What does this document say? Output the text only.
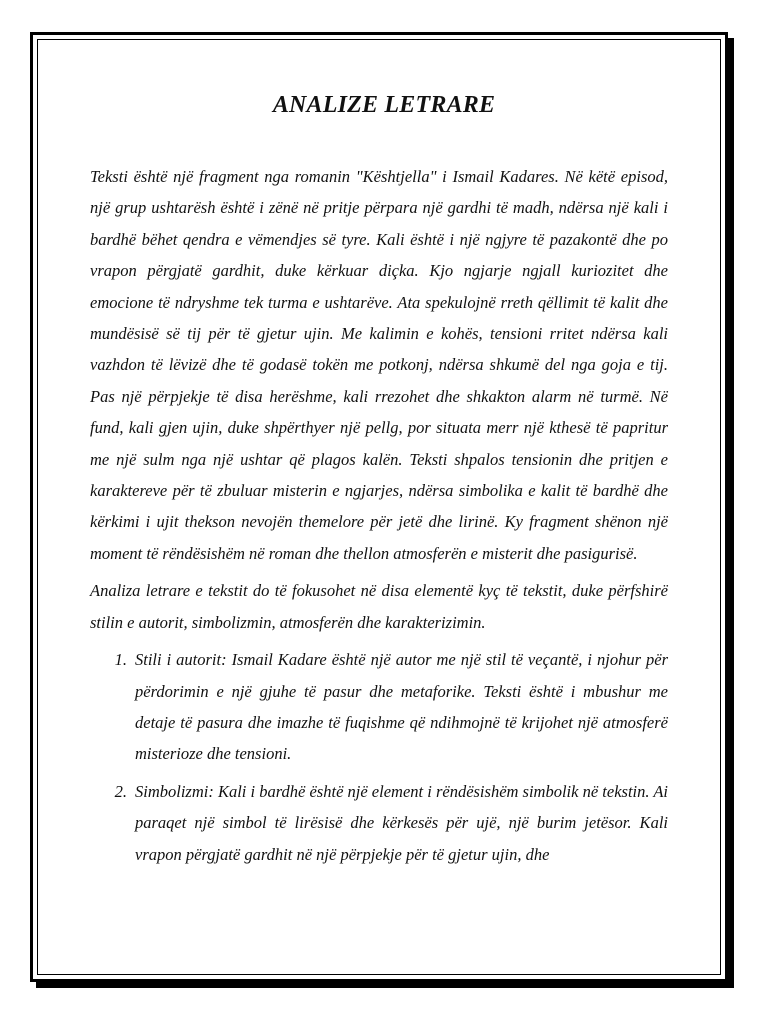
ANALIZE LETRARE

Teksti është një fragment nga romanin "Kështjella" i Ismail Kadares. Në këtë episod, një grup ushtarësh është i zënë në pritje përpara një gardhi të madh, ndërsa një kali i bardhë bëhet qendra e vëmendjes së tyre. Kali është i një ngjyre të pazakontë dhe po vrapon përgjatë gardhit, duke kërkuar diçka. Kjo ngjarje ngjall kuriozitet dhe emocione të ndryshme tek turma e ushtarëve. Ata spekulojnë rreth qëllimit të kalit dhe mundësisë së tij për të gjetur ujin. Me kalimin e kohës, tensioni rritet ndërsa kali vazhdon të lëvizë dhe të godasë tokën me potkonj, ndërsa shkumë del nga goja e tij. Pas një përpjekje të disa herëshme, kali rrezohet dhe shkakton alarm në turmë. Në fund, kali gjen ujin, duke shpërthyer një pellg, por situata merr një kthesë të papritur me një sulm nga një ushtar që plagos kalën. Teksti shpalos tensionin dhe pritjen e karaktereve për të zbuluar misterin e ngjarjes, ndërsa simbolika e kalit të bardhë dhe kërkimi i ujit thekson nevojën themelore për jetë dhe lirinë. Ky fragment shënon një moment të rëndësishëm në roman dhe thellon atmosferën e misterit dhe pasigurisë.

Analiza letrare e tekstit do të fokusohet në disa elementë kyç të tekstit, duke përfshirë stilin e autorit, simbolizmin, atmosferën dhe karakterizimin.

1. Stili i autorit: Ismail Kadare është një autor me një stil të veçantë, i njohur për përdorimin e një gjuhe të pasur dhe metaforike. Teksti është i mbushur me detaje të pasura dhe imazhe të fuqishme që ndihmojnë të krijohet një atmosferë misterioze dhe tensioni.
2. Simbolizmi: Kali i bardhë është një element i rëndësishëm simbolik në tekstin. Ai paraqet një simbol të lirësisë dhe kërkesës për ujë, një burim jetësor. Kali vrapon përgjatë gardhit në një përpjekje për të gjetur ujin, dhe
